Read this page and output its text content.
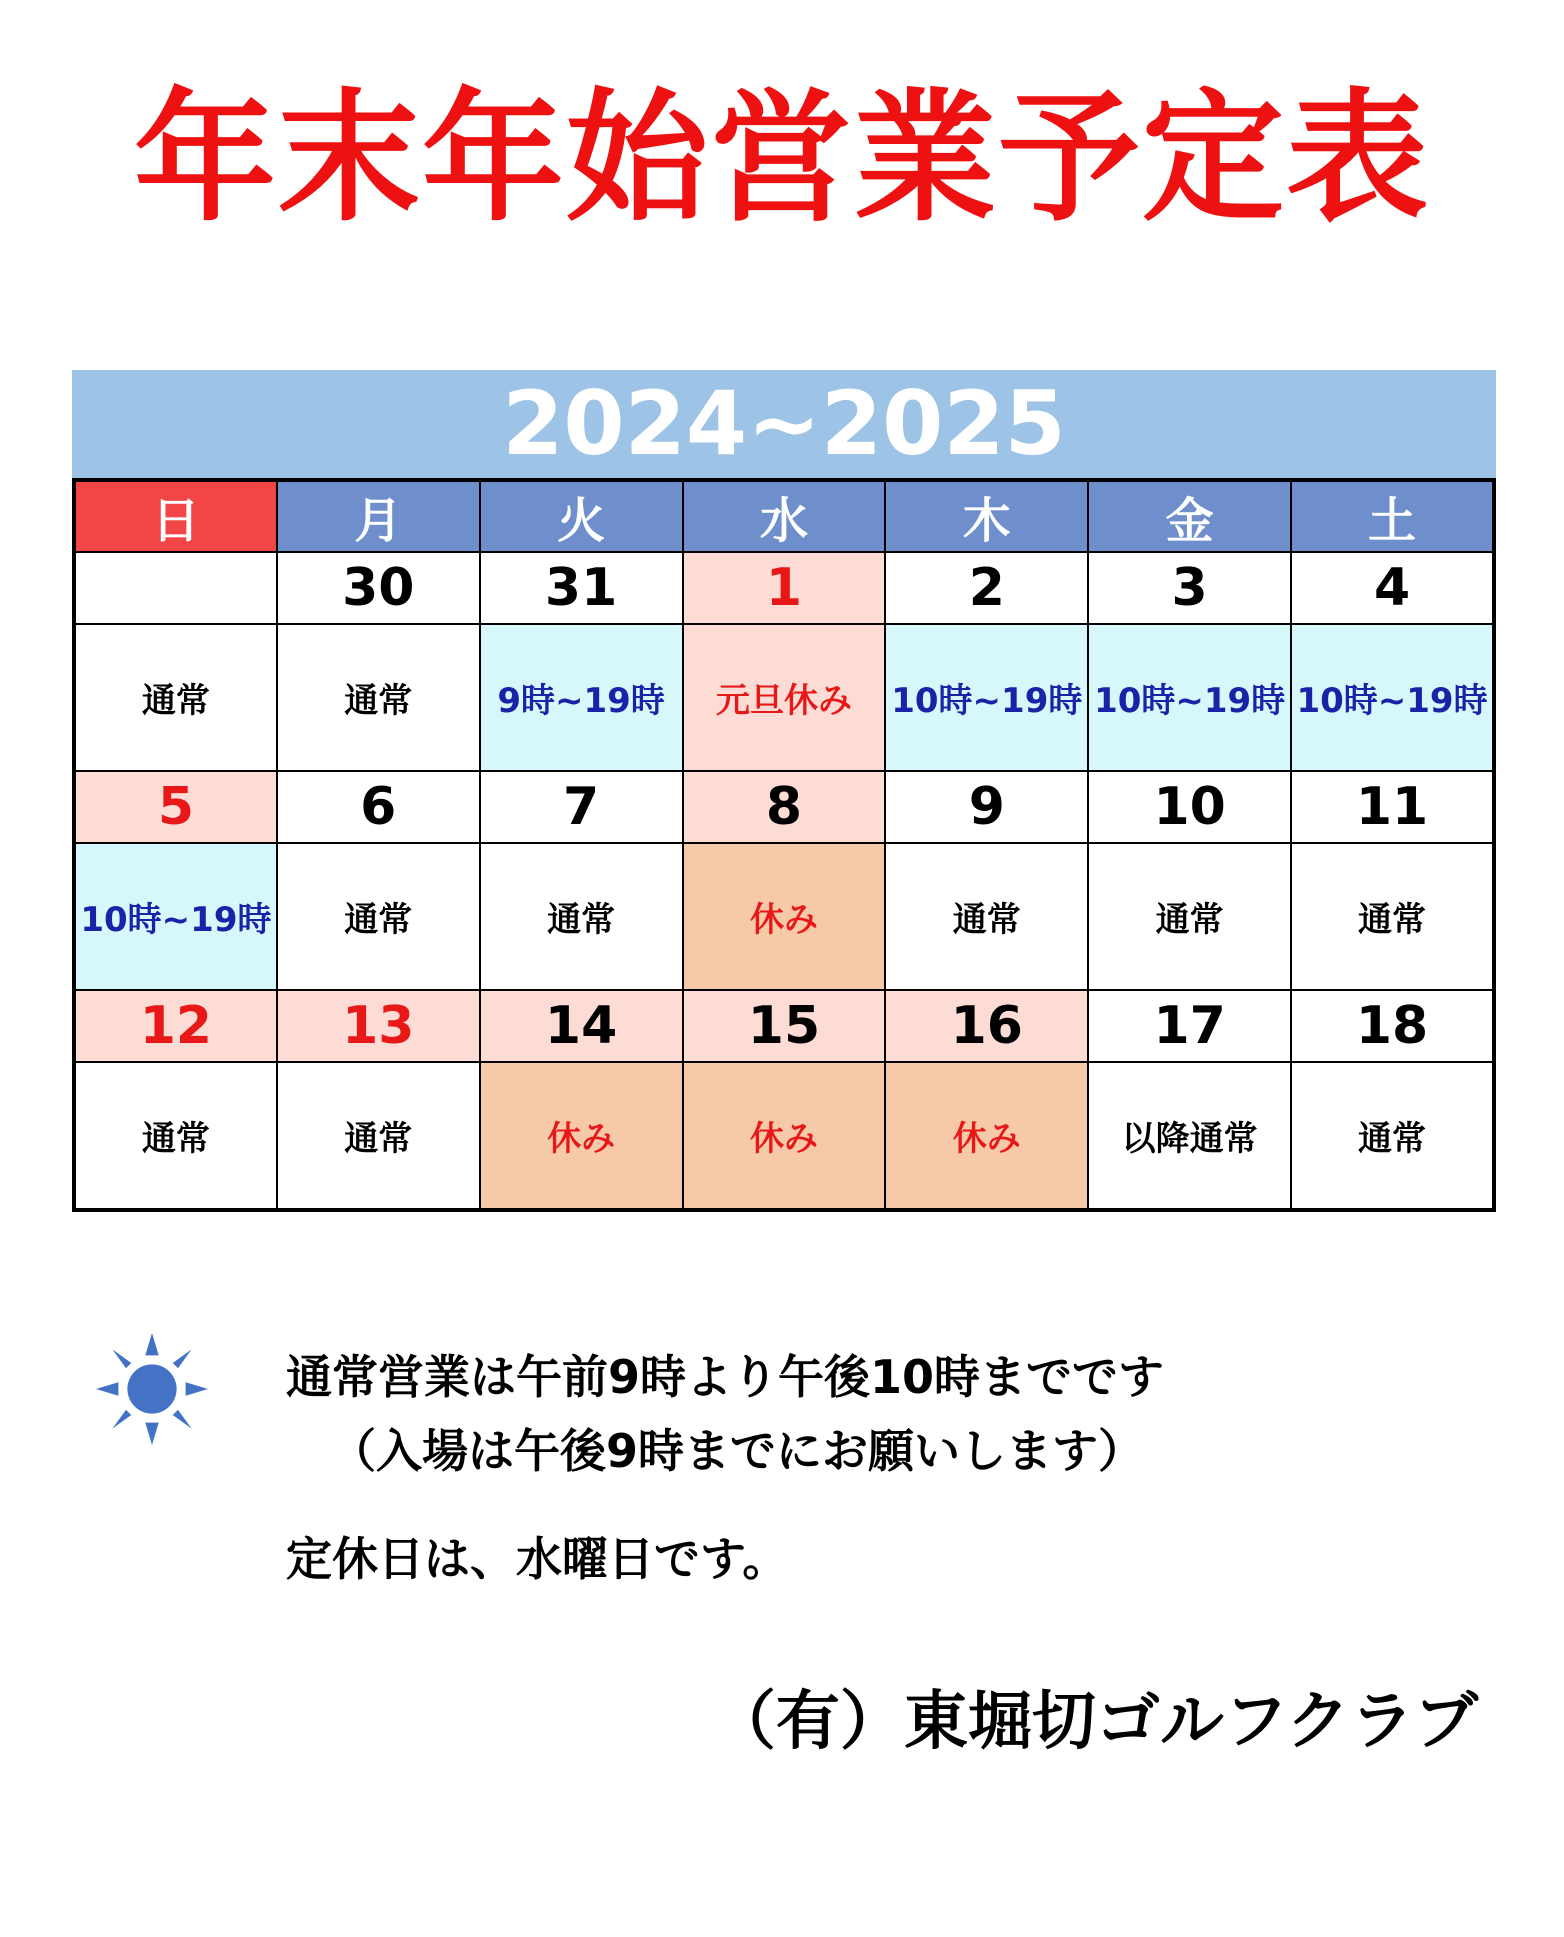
年末年始営業予定表
2024~2025
日	月	火	水	木	金	土
	30	31	1	2	3	4
通常	通常	9時~19時	元旦休み	10時~19時	10時~19時	10時~19時
5	6	7	8	9	10	11
10時~19時	通常	通常	休み	通常	通常	通常
12	13	14	15	16	17	18
通常	通常	休み	休み	休み	以降通常	通常
通常営業は午前9時より午後10時までです
（入場は午後9時までにお願いします）
定休日は、水曜日です。
（有）東堀切ゴルフクラブ
